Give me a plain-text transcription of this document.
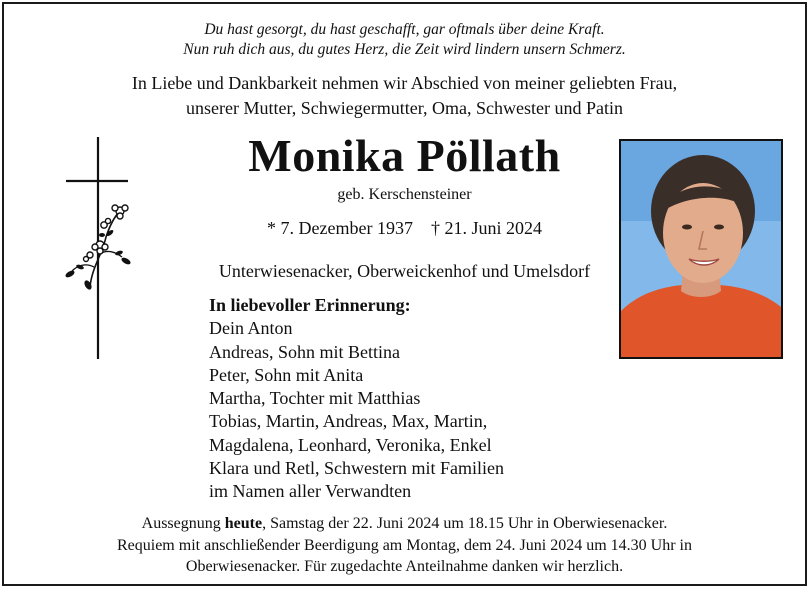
Du hast gesorgt, du hast geschafft, gar oftmals über deine Kraft.
Nun ruh dich aus, du gutes Herz, die Zeit wird lindern unsern Schmerz.
In Liebe und Dankbarkeit nehmen wir Abschied von meiner geliebten Frau,
unserer Mutter, Schwiegermutter, Oma, Schwester und Patin
Monika Pöllath
geb. Kerschensteiner
* 7. Dezember 1937    † 21. Juni 2024
Unterwiesenacker, Oberweickenhof und Umelsdorf
In liebevoller Erinnerung:
Dein Anton
Andreas, Sohn mit Bettina
Peter, Sohn mit Anita
Martha, Tochter mit Matthias
Tobias, Martin, Andreas, Max, Martin,
Magdalena, Leonhard, Veronika, Enkel
Klara und Retl, Schwestern mit Familien
im Namen aller Verwandten
Aussegnung heute, Samstag der 22. Juni 2024 um 18.15 Uhr in Oberwiesenacker.
Requiem mit anschließender Beerdigung am Montag, dem 24. Juni 2024 um 14.30 Uhr in
Oberwiesenacker. Für zugedachte Anteilnahme danken wir herzlich.
